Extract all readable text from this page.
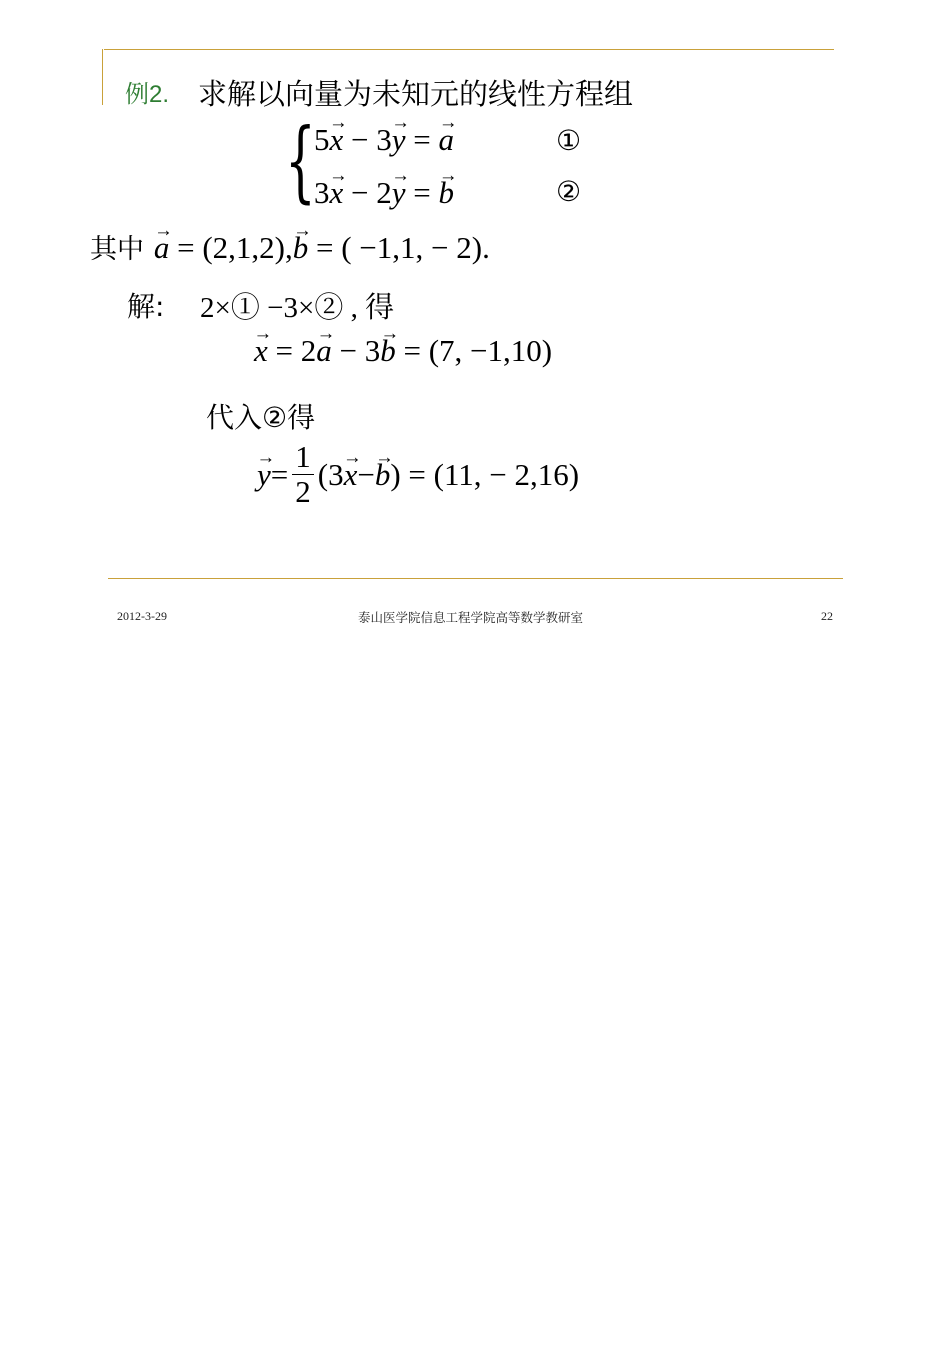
例2. 求解以向量为未知元的线性方程组
{
5→ x − 3→ y = → a	①
3→ x − 2→ y = → b	②
其中 → a = (2,1,2),→ b = ( −1,1, − 2).
解: 2×① −3×② , 得
→ x = 2→ a − 3→ b = (7, −1,10)
代入②得
→ $y = \frac{1}{2} (3$
→ x −
→ b ) = (11, − 2,16)
2012-3-29	泰山医学院信息工程学院高等数学教研室	22
